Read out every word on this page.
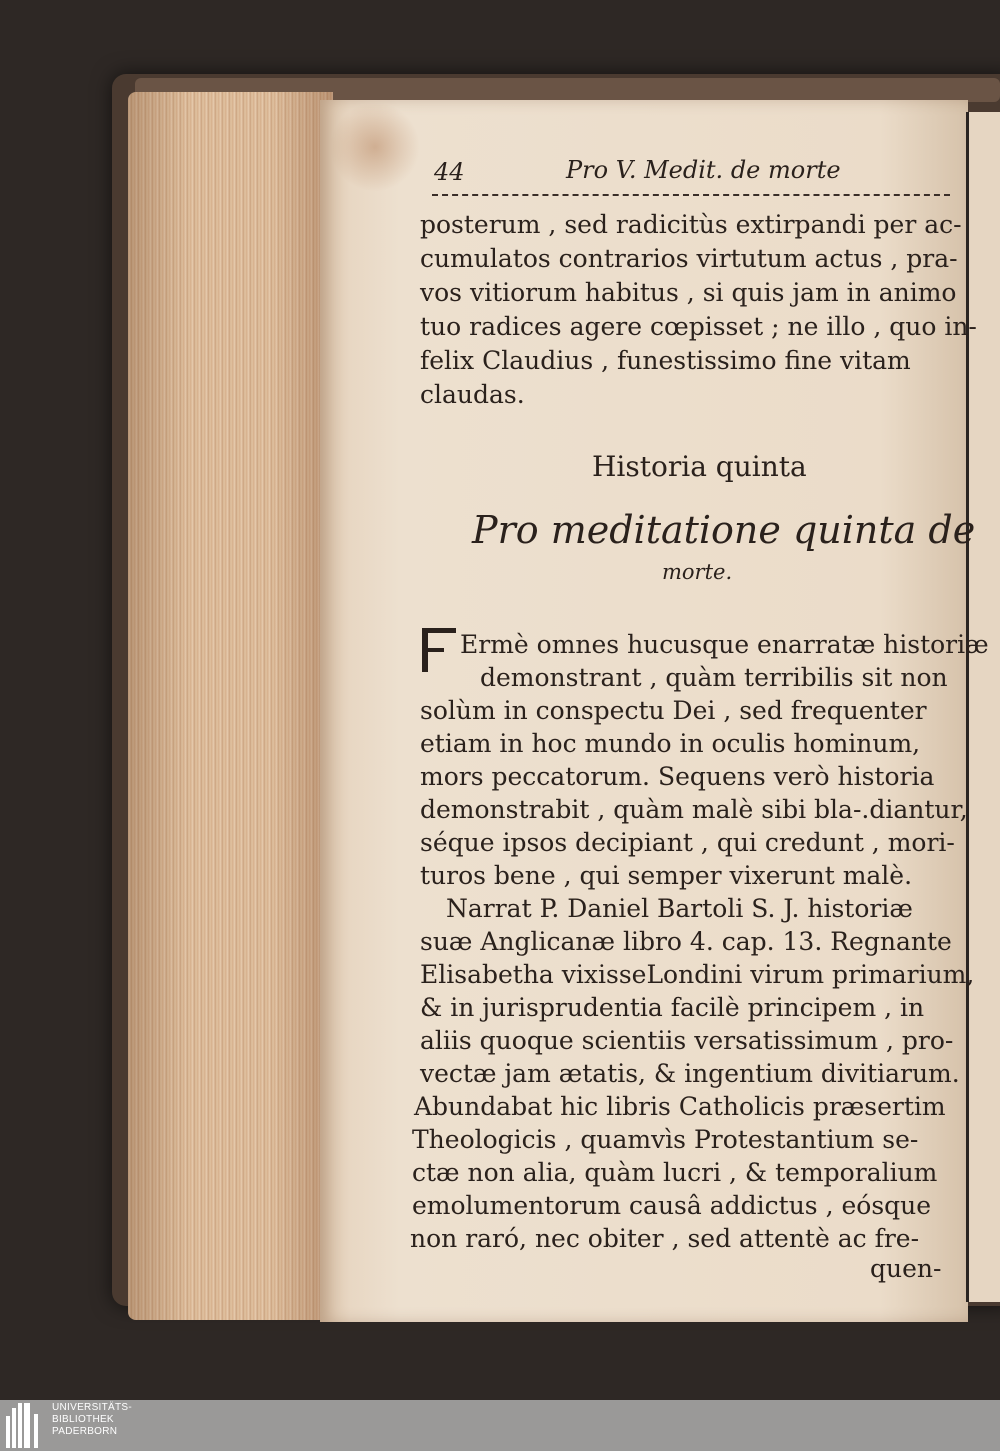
44	Pro V. Medit. de morte
posterum , sed radicitùs extirpandi per ac-
cumulatos contrarios virtutum actus , pra-
vos vitiorum habitus , si quis jam in animo
tuo radices agere cœpisset ; ne illo , quo in-
felix Claudius , funestissimo fine vitam
claudas.
Historia quinta
Pro meditatione quinta de
morte.
Ermè omnes hucusque enarratæ historiæ
demonstrant , quàm terribilis sit non
solùm in conspectu Dei , sed frequenter
etiam in hoc mundo in oculis hominum,
mors peccatorum. Sequens verò historia
demonstrabit , quàm malè sibi bla-.diantur,
séque ipsos decipiant , qui credunt , mori-
turos bene , qui semper vixerunt malè.
Narrat P. Daniel Bartoli S. J. historiæ
suæ Anglicanæ libro 4. cap. 13. Regnante
Elisabetha vixisseLondini virum primarium,
& in jurisprudentia facilè principem , in
aliis quoque scientiis versatissimum , pro-
vectæ jam ætatis, & ingentium divitiarum.
Abundabat hic libris Catholicis præsertim
Theologicis , quamvìs Protestantium se-
ctæ non alia, quàm lucri , & temporalium
emolumentorum causâ addictus , eósque
non raró, nec obiter , sed attentè ac fre-
quen-
UNIVERSITÄTS-
BIBLIOTHEK
PADERBORN
